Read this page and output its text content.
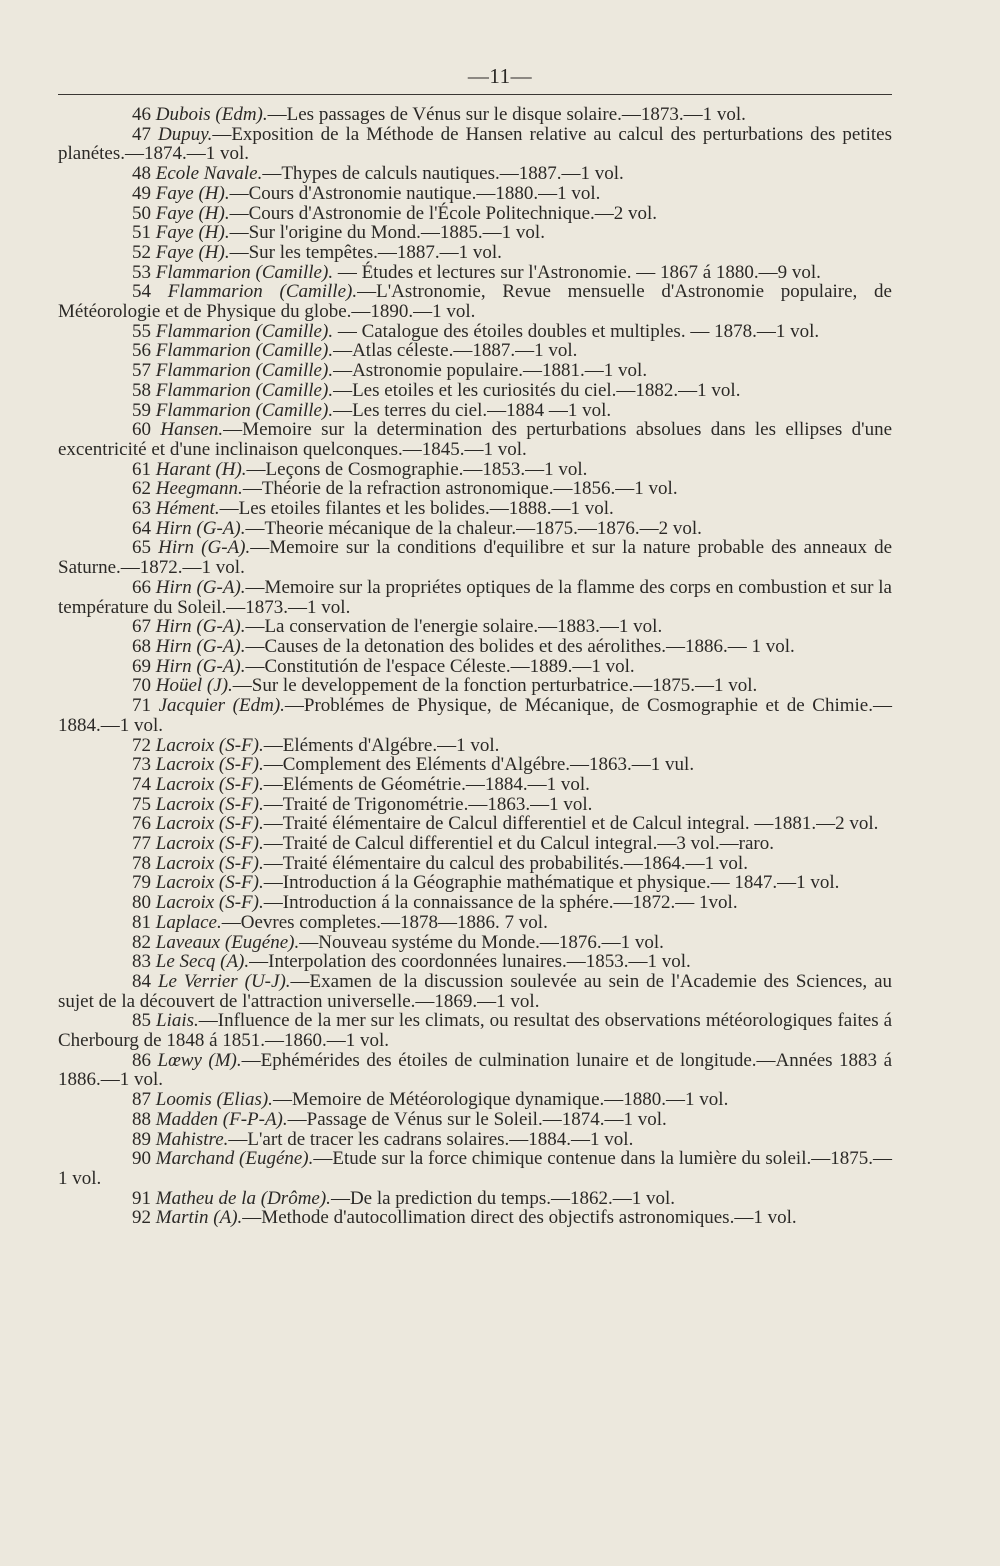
—11—

46 Dubois (Edm).—Les passages de Vénus sur le disque solaire.—1873.—1 vol.

47 Dupuy.—Exposition de la Méthode de Hansen relative au calcul des perturbations des petites planétes.—1874.—1 vol.

48 Ecole Navale.—Thypes de calculs nautiques.—1887.—1 vol.

49 Faye (H).—Cours d'Astronomie nautique.—1880.—1 vol.

50 Faye (H).—Cours d'Astronomie de l'École Politechnique.—2 vol.

51 Faye (H).—Sur l'origine du Mond.—1885.—1 vol.

52 Faye (H).—Sur les tempêtes.—1887.—1 vol.

53 Flammarion (Camille). — Études et lectures sur l'Astronomie. — 1867 á 1880.—9 vol.

54 Flammarion (Camille).—L'Astronomie, Revue mensuelle d'Astronomie populaire, de Météorologie et de Physique du globe.—1890.—1 vol.

55 Flammarion (Camille). — Catalogue des étoiles doubles et multiples. — 1878.—1 vol.

56 Flammarion (Camille).—Atlas céleste.—1887.—1 vol.

57 Flammarion (Camille).—Astronomie populaire.—1881.—1 vol.

58 Flammarion (Camille).—Les etoiles et les curiosités du ciel.—1882.—1 vol.

59 Flammarion (Camille).—Les terres du ciel.—1884 —1 vol.

60 Hansen.—Memoire sur la determination des perturbations absolues dans les ellipses d'une excentricité et d'une inclinaison quelconques.—1845.—1 vol.

61 Harant (H).—Leçons de Cosmographie.—1853.—1 vol.

62 Heegmann.—Théorie de la refraction astronomique.—1856.—1 vol.

63 Hément.—Les etoiles filantes et les bolides.—1888.—1 vol.

64 Hirn (G-A).—Theorie mécanique de la chaleur.—1875.—1876.—2 vol.

65 Hirn (G-A).—Memoire sur la conditions d'equilibre et sur la nature probable des anneaux de Saturne.—1872.—1 vol.

66 Hirn (G-A).—Memoire sur la propriétes optiques de la flamme des corps en combustion et sur la température du Soleil.—1873.—1 vol.

67 Hirn (G-A).—La conservation de l'energie solaire.—1883.—1 vol.

68 Hirn (G-A).—Causes de la detonation des bolides et des aérolithes.—1886.— 1 vol.

69 Hirn (G-A).—Constitutión de l'espace Céleste.—1889.—1 vol.

70 Hoüel (J).—Sur le developpement de la fonction perturbatrice.—1875.—1 vol.

71 Jacquier (Edm).—Problémes de Physique, de Mécanique, de Cosmographie et de Chimie.—1884.—1 vol.

72 Lacroix (S-F).—Eléments d'Algébre.—1 vol.

73 Lacroix (S-F).—Complement des Eléments d'Algébre.—1863.—1 vul.

74 Lacroix (S-F).—Eléments de Géométrie.—1884.—1 vol.

75 Lacroix (S-F).—Traité de Trigonométrie.—1863.—1 vol.

76 Lacroix (S-F).—Traité élémentaire de Calcul differentiel et de Calcul integral. —1881.—2 vol.

77 Lacroix (S-F).—Traité de Calcul differentiel et du Calcul integral.—3 vol.—raro.

78 Lacroix (S-F).—Traité élémentaire du calcul des probabilités.—1864.—1 vol.

79 Lacroix (S-F).—Introduction á la Géographie mathématique et physique.— 1847.—1 vol.

80 Lacroix (S-F).—Introduction á la connaissance de la sphére.—1872.— 1vol.

81 Laplace.—Oevres completes.—1878—1886. 7 vol.

82 Laveaux (Eugéne).—Nouveau systéme du Monde.—1876.—1 vol.

83 Le Secq (A).—Interpolation des coordonnées lunaires.—1853.—1 vol.

84 Le Verrier (U-J).—Examen de la discussion soulevée au sein de l'Academie des Sciences, au sujet de la découvert de l'attraction universelle.—1869.—1 vol.

85 Liais.—Influence de la mer sur les climats, ou resultat des observations météorologiques faites á Cherbourg de 1848 á 1851.—1860.—1 vol.

86 Lœwy (M).—Ephémérides des étoiles de culmination lunaire et de longitude.—Années 1883 á 1886.—1 vol.

87 Loomis (Elias).—Memoire de Météorologique dynamique.—1880.—1 vol.

88 Madden (F-P-A).—Passage de Vénus sur le Soleil.—1874.—1 vol.

89 Mahistre.—L'art de tracer les cadrans solaires.—1884.—1 vol.

90 Marchand (Eugéne).—Etude sur la force chimique contenue dans la lumière du soleil.—1875.—1 vol.

91 Matheu de la (Drôme).—De la prediction du temps.—1862.—1 vol.

92 Martin (A).—Methode d'autocollimation direct des objectifs astronomiques.—1 vol.
